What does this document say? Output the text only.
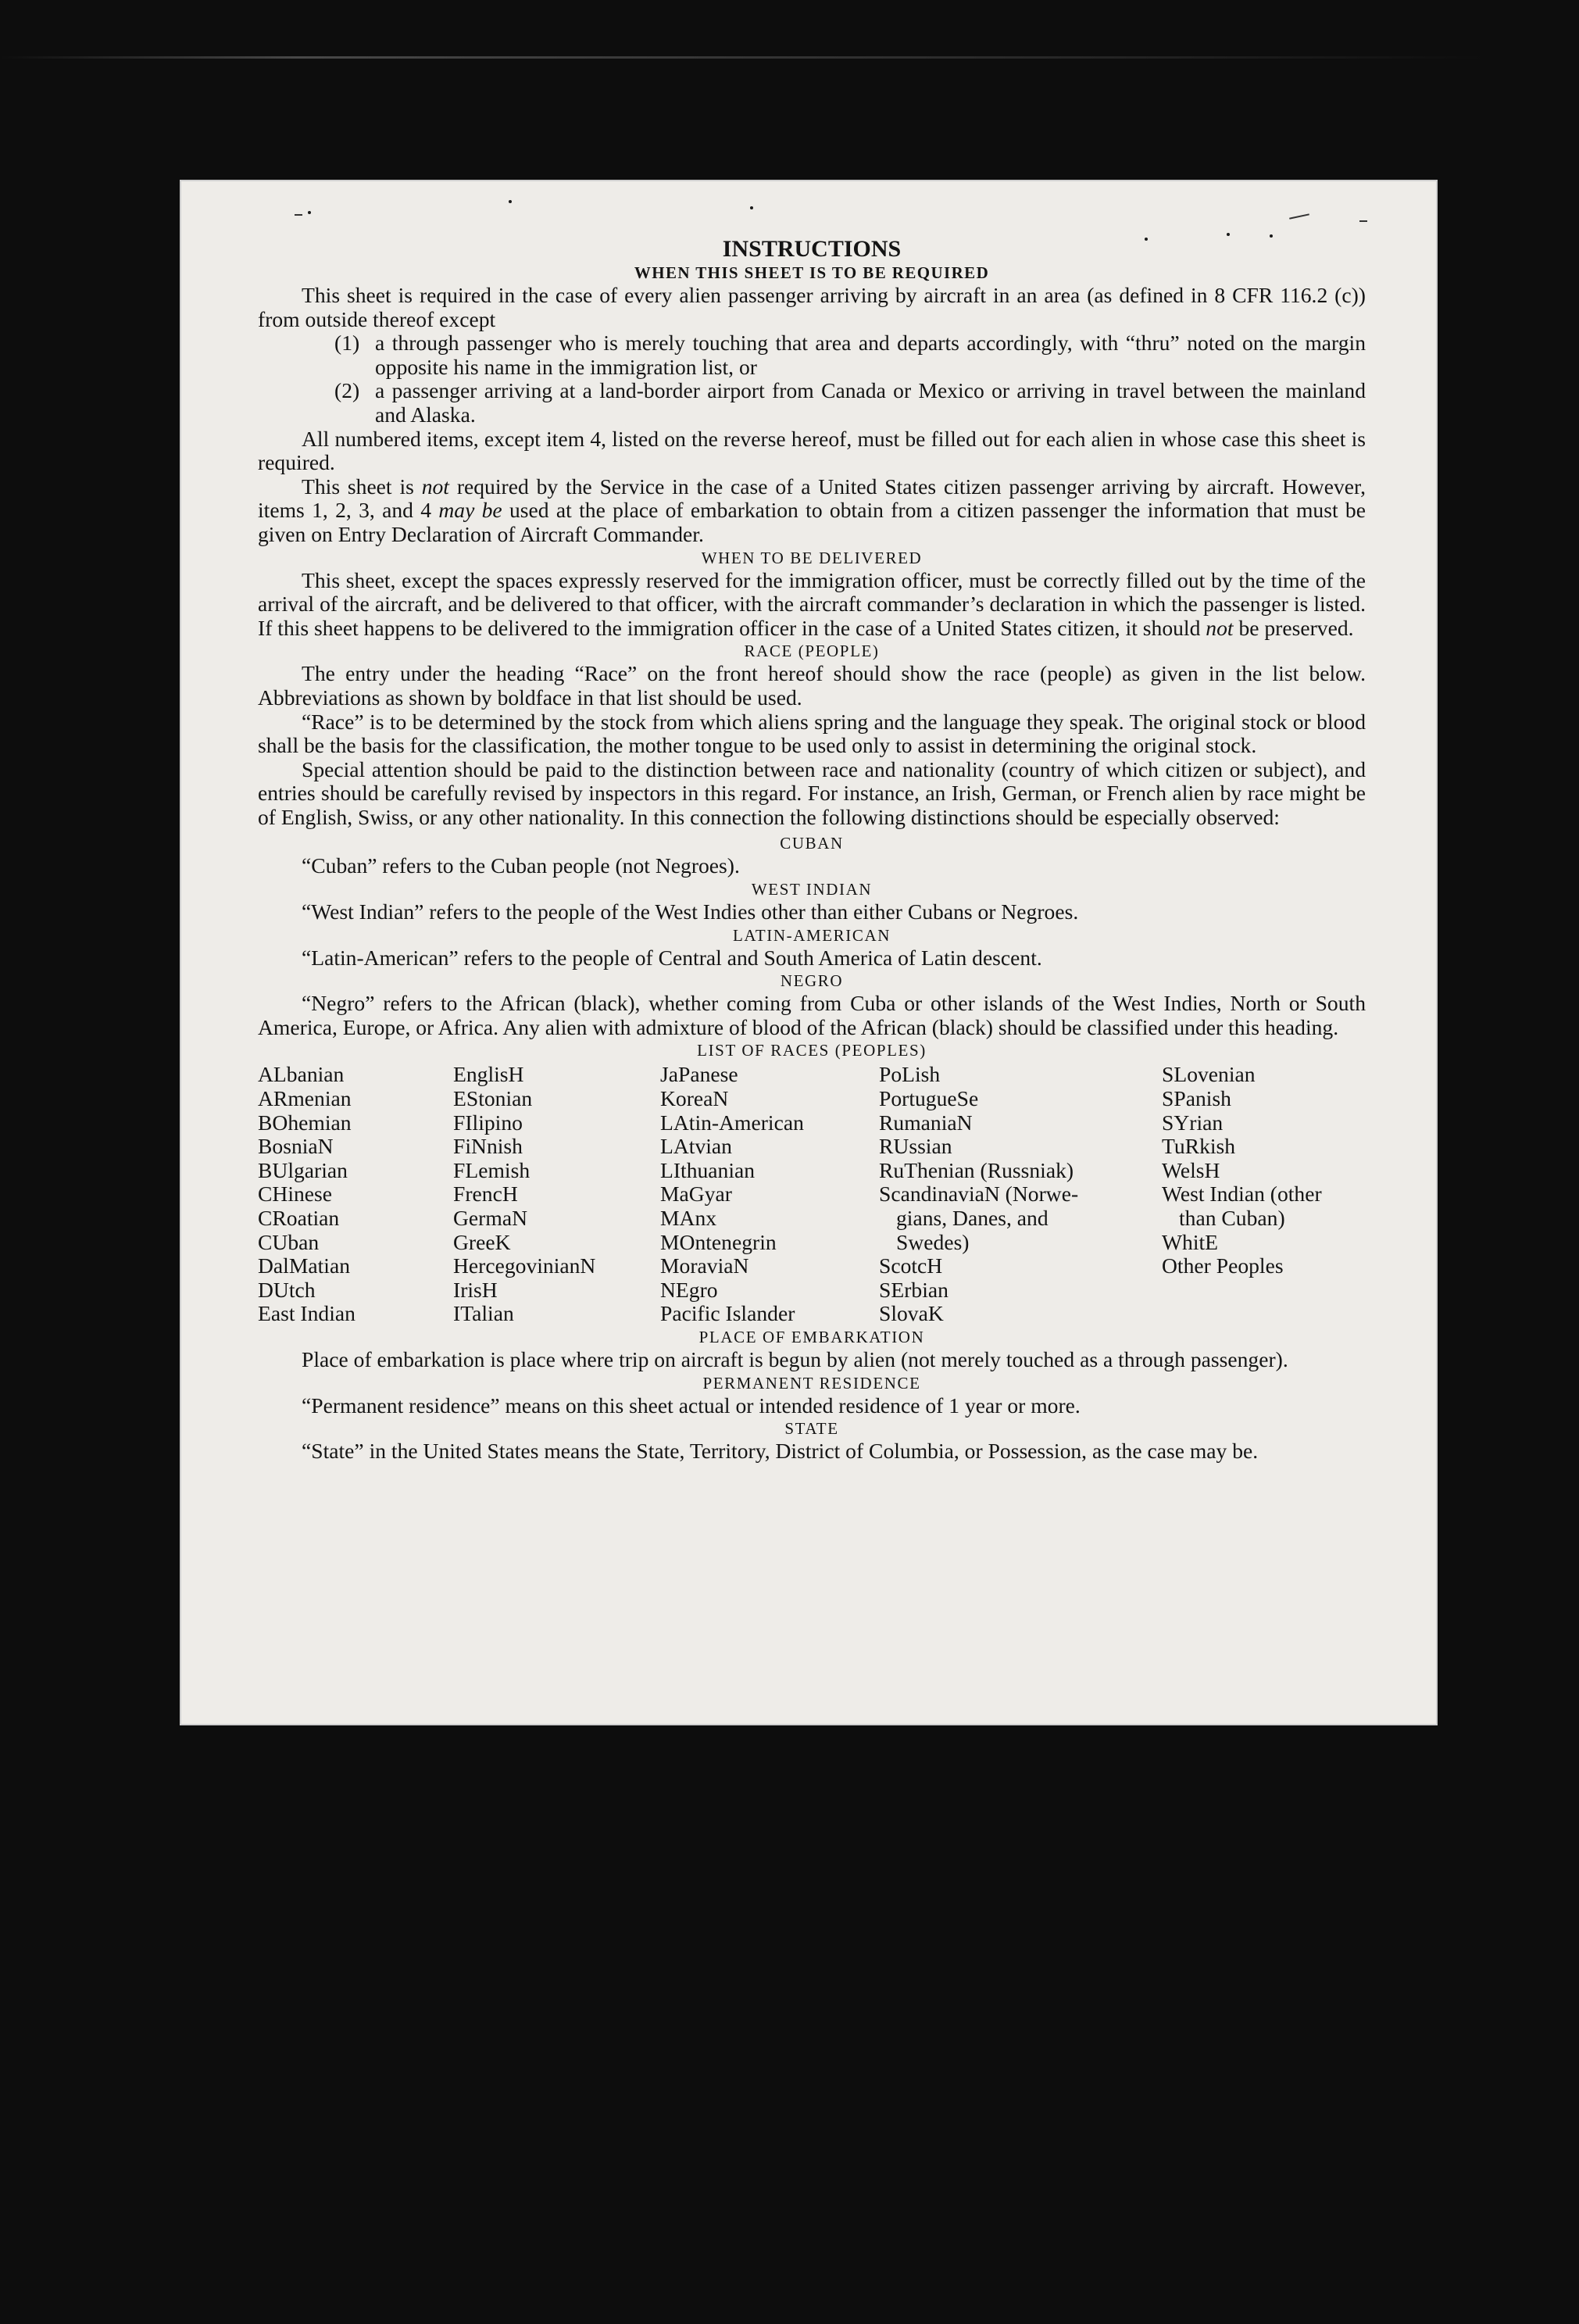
INSTRUCTIONS

WHEN THIS SHEET IS TO BE REQUIRED

This sheet is required in the case of every alien passenger arriving by aircraft in an area (as defined in 8 CFR 116.2 (c)) from outside thereof except

(1) a through passenger who is merely touching that area and departs accordingly, with “thru” noted on the margin opposite his name in the immigration list, or
(2) a passenger arriving at a land-border airport from Canada or Mexico or arriving in travel between the mainland and Alaska.

All numbered items, except item 4, listed on the reverse hereof, must be filled out for each alien in whose case this sheet is required.

This sheet is not required by the Service in the case of a United States citizen passenger arriving by aircraft. However, items 1, 2, 3, and 4 may be used at the place of embarkation to obtain from a citizen passenger the information that must be given on Entry Declaration of Aircraft Commander.

WHEN TO BE DELIVERED

This sheet, except the spaces expressly reserved for the immigration officer, must be correctly filled out by the time of the arrival of the aircraft, and be delivered to that officer, with the aircraft commander’s declaration in which the passenger is listed. If this sheet happens to be delivered to the immigration officer in the case of a United States citizen, it should not be preserved.

RACE (PEOPLE)

The entry under the heading “Race” on the front hereof should show the race (people) as given in the list below. Abbreviations as shown by boldface in that list should be used.

“Race” is to be determined by the stock from which aliens spring and the language they speak. The original stock or blood shall be the basis for the classification, the mother tongue to be used only to assist in determining the original stock.

Special attention should be paid to the distinction between race and nationality (country of which citizen or subject), and entries should be carefully revised by inspectors in this regard. For instance, an Irish, German, or French alien by race might be of English, Swiss, or any other nationality. In this connection the following distinctions should be especially observed:

CUBAN

“Cuban” refers to the Cuban people (not Negroes).

WEST INDIAN

“West Indian” refers to the people of the West Indies other than either Cubans or Negroes.

LATIN-AMERICAN

“Latin-American” refers to the people of Central and South America of Latin descent.

NEGRO

“Negro” refers to the African (black), whether coming from Cuba or other islands of the West Indies, North or South America, Europe, or Africa. Any alien with admixture of blood of the African (black) should be classified under this heading.

LIST OF RACES (PEOPLES)

ALbanian
ARmenian
BOhemian
BosniaN
BUlgarian
CHinese
CRoatian
CUban
DalMatian
DUtch
East Indian
EnglisH
EStonian
FIlipino
FiNnish
FLemish
FrencH
GermaN
GreeK
HercegovinianN
IrisH
ITalian
JaPanese
KoreaN
LAtin-American
LAtvian
LIthuanian
MaGyar
MAnx
MOntenegrin
MoraviaN
NEgro
Pacific Islander
PoLish
PortugueSe
RumaniaN
RUssian
RuThenian (Russniak)
ScandinaviaN (Norwe-
gians, Danes, and
Swedes)
ScotcH
SErbian
SlovaK
SLovenian
SPanish
SYrian
TuRkish
WelsH
West Indian (other
than Cuban)
WhitE
Other Peoples

PLACE OF EMBARKATION

Place of embarkation is place where trip on aircraft is begun by alien (not merely touched as a through passenger).

PERMANENT RESIDENCE

“Permanent residence” means on this sheet actual or intended residence of 1 year or more.

STATE

“State” in the United States means the State, Territory, District of Columbia, or Possession, as the case may be.
